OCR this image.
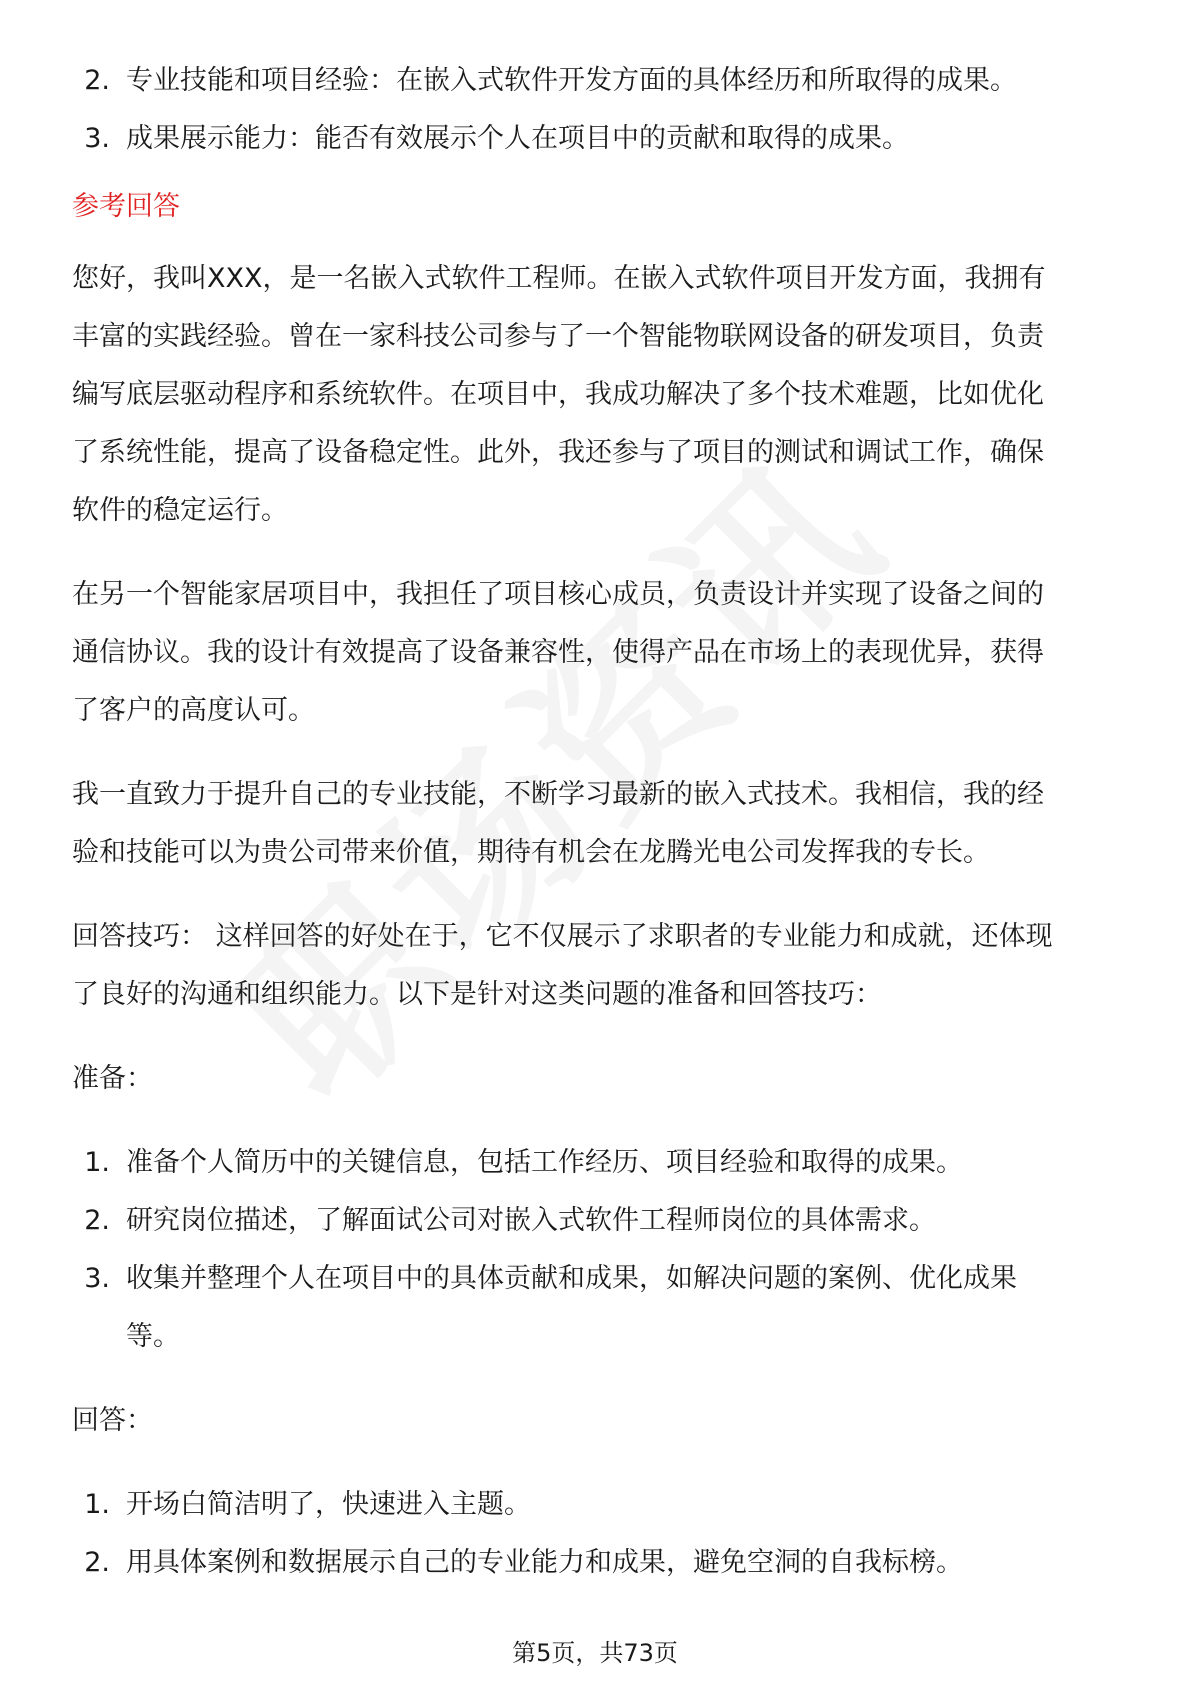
2. 专业技能和项目经验：在嵌入式软件开发方面的具体经历和所取得的成果。
3. 成果展示能力：能否有效展示个人在项目中的贡献和取得的成果。
参考回答
您好，我叫XXX，是一名嵌入式软件工程师。在嵌入式软件项目开发方面，我拥有
丰富的实践经验。曾在一家科技公司参与了一个智能物联网设备的研发项目，负责
编写底层驱动程序和系统软件。在项目中，我成功解决了多个技术难题，比如优化
了系统性能，提高了设备稳定性。此外，我还参与了项目的测试和调试工作，确保
软件的稳定运行。
在另一个智能家居项目中，我担任了项目核心成员，负责设计并实现了设备之间的
通信协议。我的设计有效提高了设备兼容性，使得产品在市场上的表现优异，获得
了客户的高度认可。
我一直致力于提升自己的专业技能，不断学习最新的嵌入式技术。我相信，我的经
验和技能可以为贵公司带来价值，期待有机会在龙腾光电公司发挥我的专长。
回答技巧： 这样回答的好处在于，它不仅展示了求职者的专业能力和成就，还体现
了良好的沟通和组织能力。以下是针对这类问题的准备和回答技巧：
准备：
1. 准备个人简历中的关键信息，包括工作经历、项目经验和取得的成果。
2. 研究岗位描述，了解面试公司对嵌入式软件工程师岗位的具体需求。
3. 收集并整理个人在项目中的具体贡献和成果，如解决问题的案例、优化成果
等。
回答：
1. 开场白简洁明了，快速进入主题。
2. 用具体案例和数据展示自己的专业能力和成果，避免空洞的自我标榜。
第5页，共73页
